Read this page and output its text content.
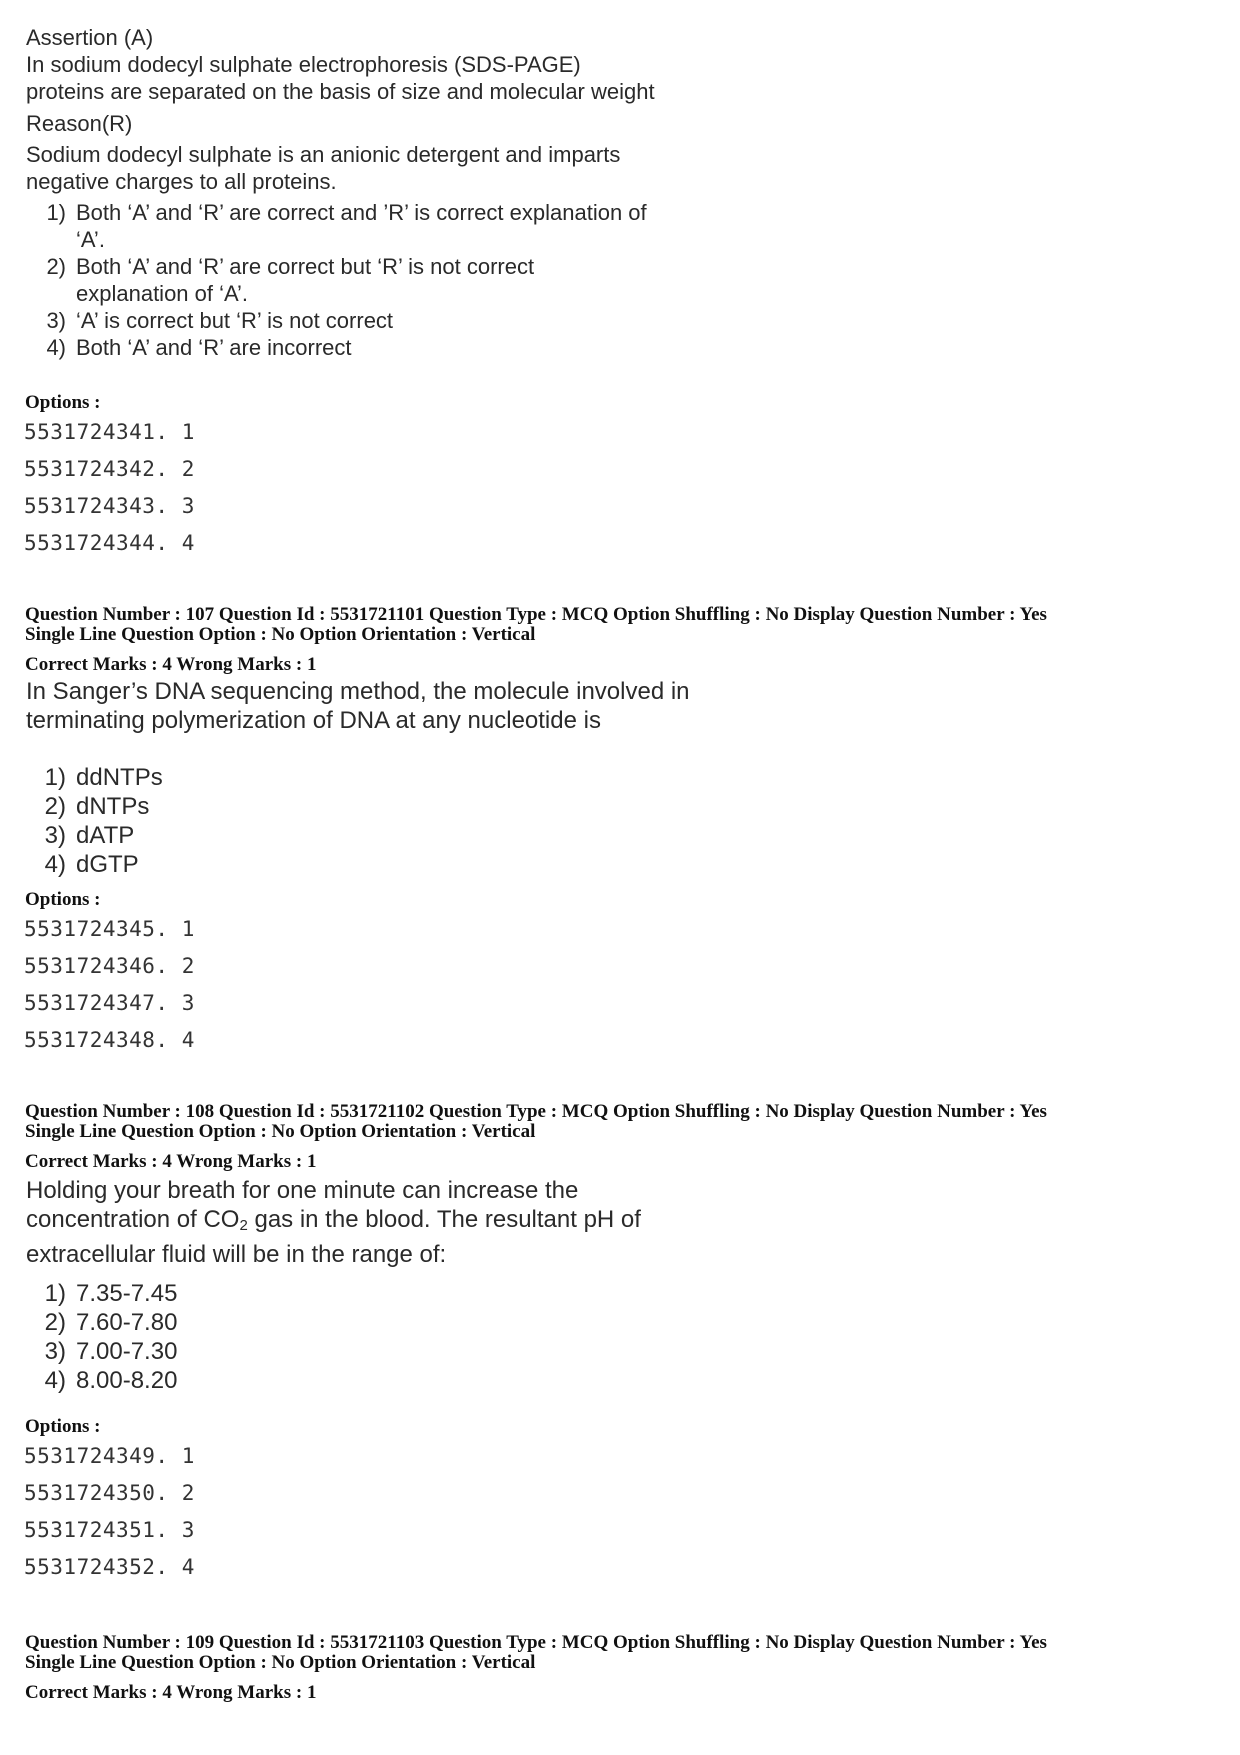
Assertion (A)
In sodium dodecyl sulphate electrophoresis (SDS-PAGE)
proteins are separated on the basis of size and molecular weight
Reason(R)
Sodium dodecyl sulphate is an anionic detergent and imparts
negative charges to all proteins.
1) Both ‘A’ and ‘R’ are correct and ’R’ is correct explanation of
‘A’.
2) Both ‘A’ and ‘R’ are correct but ‘R’ is not correct
explanation of ‘A’.
3) ‘A’ is correct but ‘R’ is not correct
4) Both ‘A’ and ‘R’ are incorrect
Options :
5531724341. 1
5531724342. 2
5531724343. 3
5531724344. 4
Question Number : 107 Question Id : 5531721101 Question Type : MCQ Option Shuffling : No Display Question Number : Yes
Single Line Question Option : No Option Orientation : Vertical
Correct Marks : 4 Wrong Marks : 1
In Sanger’s DNA sequencing method, the molecule involved in
terminating polymerization of DNA at any nucleotide is
1) ddNTPs
2) dNTPs
3) dATP
4) dGTP
Options :
5531724345. 1
5531724346. 2
5531724347. 3
5531724348. 4
Question Number : 108 Question Id : 5531721102 Question Type : MCQ Option Shuffling : No Display Question Number : Yes
Single Line Question Option : No Option Orientation : Vertical
Correct Marks : 4 Wrong Marks : 1
Holding your breath for one minute can increase the
concentration of $CO_2$ gas in the blood. The resultant pH of
extracellular fluid will be in the range of:
1) 7.35-7.45
2) 7.60-7.80
3) 7.00-7.30
4) 8.00-8.20
Options :
5531724349. 1
5531724350. 2
5531724351. 3
5531724352. 4
Question Number : 109 Question Id : 5531721103 Question Type : MCQ Option Shuffling : No Display Question Number : Yes
Single Line Question Option : No Option Orientation : Vertical
Correct Marks : 4 Wrong Marks : 1
